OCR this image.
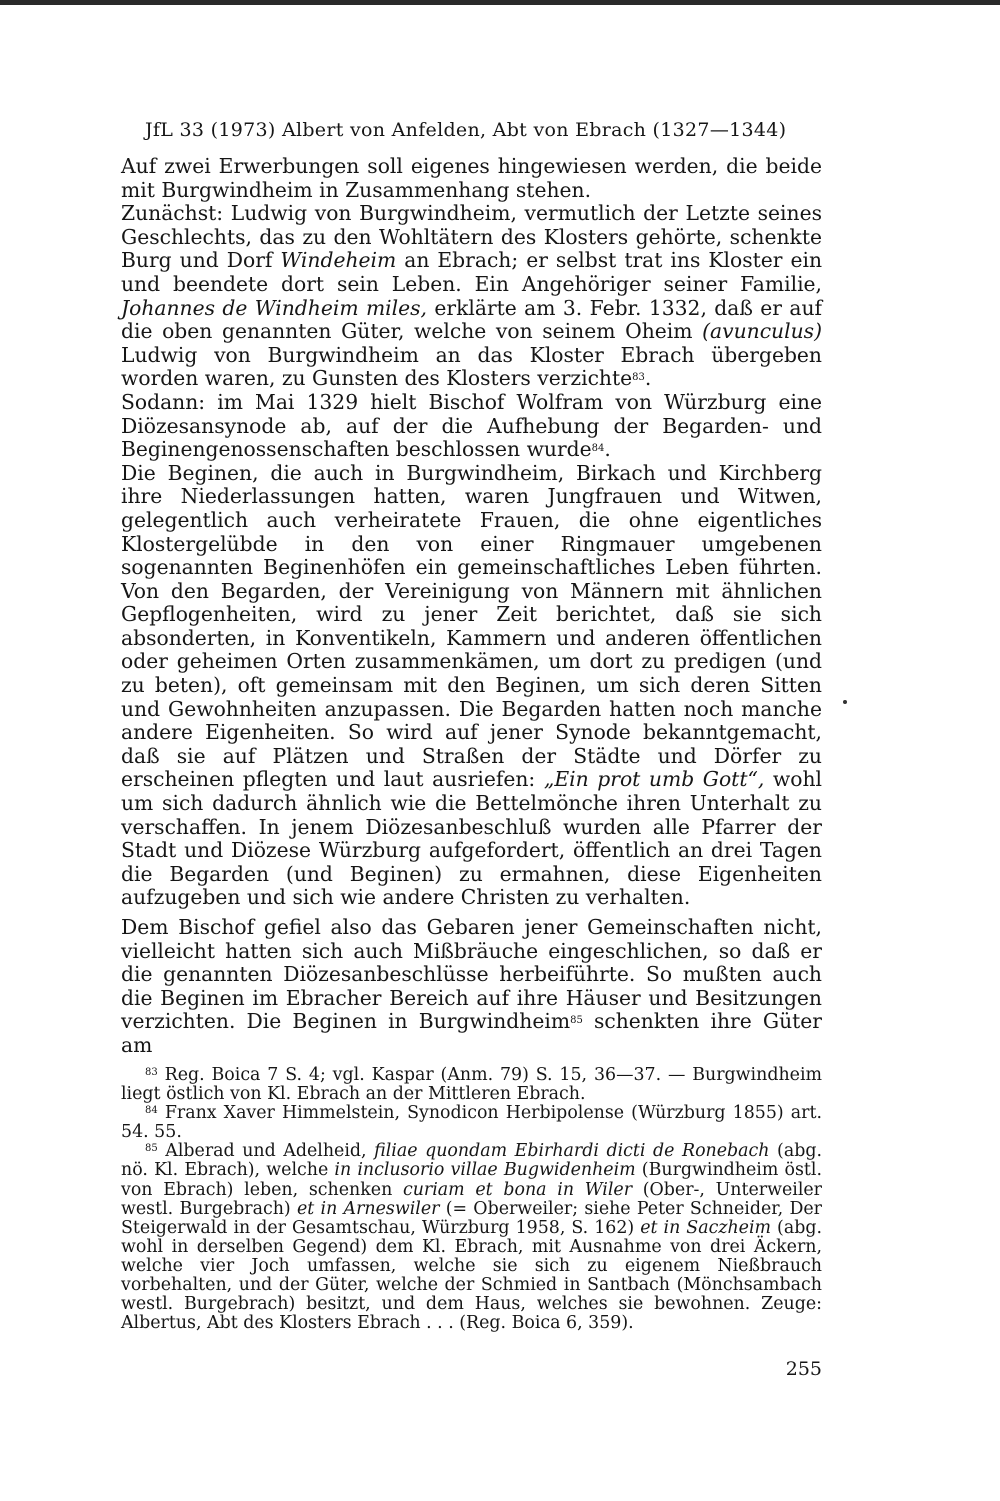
JfL 33 (1973) Albert von Anfelden, Abt von Ebrach (1327—1344)

Auf zwei Erwerbungen soll eigenes hingewiesen werden, die beide mit Burgwindheim in Zusammenhang stehen.

Zunächst: Ludwig von Burgwindheim, vermutlich der Letzte seines Geschlechts, das zu den Wohltätern des Klosters gehörte, schenkte Burg und Dorf Windeheim an Ebrach; er selbst trat ins Kloster ein und beendete dort sein Leben. Ein Angehöriger seiner Familie, Johannes de Windheim miles, erklärte am 3. Febr. 1332, daß er auf die oben genannten Güter, welche von seinem Oheim (avunculus) Ludwig von Burgwindheim an das Kloster Ebrach übergeben worden waren, zu Gunsten des Klosters verzichte$^{83}$.

Sodann: im Mai 1329 hielt Bischof Wolfram von Würzburg eine Diözesansynode ab, auf der die Aufhebung der Begarden- und Beginengenossenschaften beschlossen wurde$^{84}$.

Die Beginen, die auch in Burgwindheim, Birkach und Kirchberg ihre Niederlassungen hatten, waren Jungfrauen und Witwen, gelegentlich auch verheiratete Frauen, die ohne eigentliches Klostergelübde in den von einer Ringmauer umgebenen sogenannten Beginenhöfen ein gemeinschaftliches Leben führten. Von den Begarden, der Vereinigung von Männern mit ähnlichen Gepflogenheiten, wird zu jener Zeit berichtet, daß sie sich absonderten, in Konventikeln, Kammern und anderen öffentlichen oder geheimen Orten zusammenkämen, um dort zu predigen (und zu beten), oft gemeinsam mit den Beginen, um sich deren Sitten und Gewohnheiten anzupassen. Die Begarden hatten noch manche andere Eigenheiten. So wird auf jener Synode bekanntgemacht, daß sie auf Plätzen und Straßen der Städte und Dörfer zu erscheinen pflegten und laut ausriefen: „Ein prot umb Gott“, wohl um sich dadurch ähnlich wie die Bettelmönche ihren Unterhalt zu verschaffen. In jenem Diözesanbeschluß wurden alle Pfarrer der Stadt und Diözese Würzburg aufgefordert, öffentlich an drei Tagen die Begarden (und Beginen) zu ermahnen, diese Eigenheiten aufzugeben und sich wie andere Christen zu verhalten.

Dem Bischof gefiel also das Gebaren jener Gemeinschaften nicht, vielleicht hatten sich auch Mißbräuche eingeschlichen, so daß er die genannten Diözesanbeschlüsse herbeiführte. So mußten auch die Beginen im Ebracher Bereich auf ihre Häuser und Besitzungen verzichten. Die Beginen in Burgwindheim$^{85}$ schenkten ihre Güter am

$^{83}$ Reg. Boica 7 S. 4; vgl. Kaspar (Anm. 79) S. 15, 36—37. — Burgwindheim liegt östlich von Kl. Ebrach an der Mittleren Ebrach.

$^{84}$ Franx Xaver Himmelstein, Synodicon Herbipolense (Würzburg 1855) art. 54. 55.

$^{85}$ Alberad und Adelheid, filiae quondam Ebirhardi dicti de Ronebach (abg. nö. Kl. Ebrach), welche in inclusorio villae Bugwidenheim (Burgwindheim östl. von Ebrach) leben, schenken curiam et bona in Wiler (Ober-, Unterweiler westl. Burgebrach) et in Arneswiler (= Oberweiler; siehe Peter Schneider, Der Steigerwald in der Gesamtschau, Würzburg 1958, S. 162) et in Saczheim (abg. wohl in derselben Gegend) dem Kl. Ebrach, mit Ausnahme von drei Äckern, welche vier Joch umfassen, welche sie sich zu eigenem Nießbrauch vorbehalten, und der Güter, welche der Schmied in Santbach (Mönchsambach westl. Burgebrach) besitzt, und dem Haus, welches sie bewohnen. Zeuge: Albertus, Abt des Klosters Ebrach . . . (Reg. Boica 6, 359).

255
